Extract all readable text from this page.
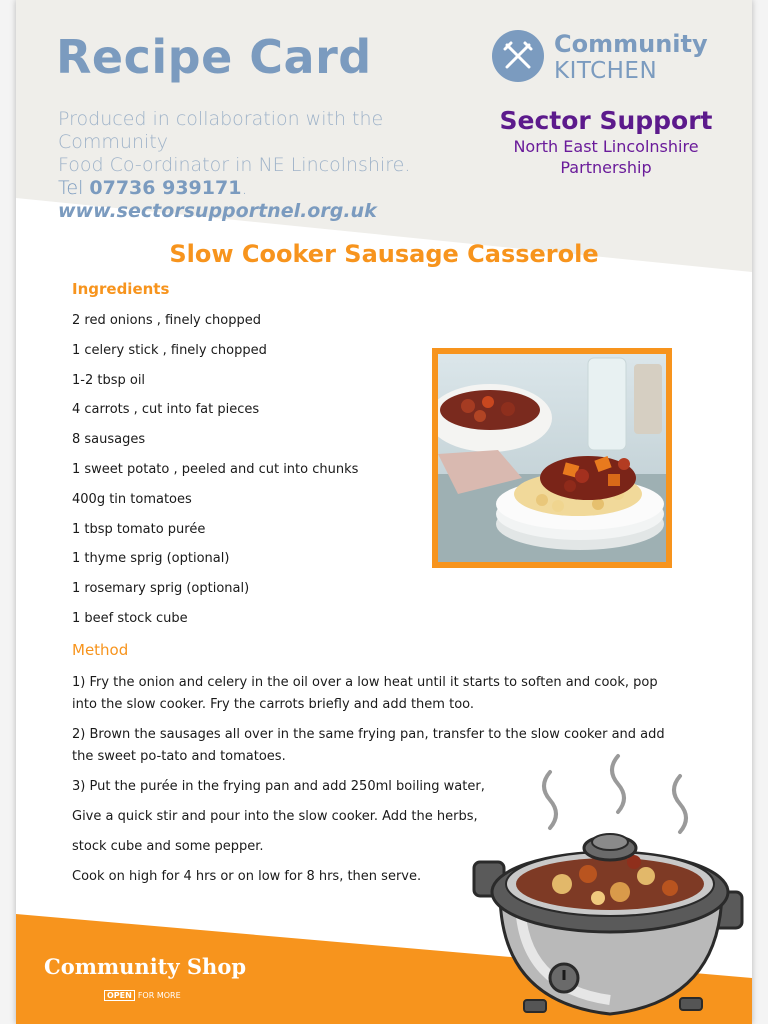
Recipe Card
Produced in collaboration with the Community
Food Co-ordinator in NE Lincolnshire.
Tel 07736 939171. www.sectorsupportnel.org.uk
Community
KITCHEN
Sector Support
North East Lincolnshire
Partnership
Slow Cooker Sausage Casserole
Ingredients
2 red onions , finely chopped
1 celery stick , finely chopped
1-2 tbsp oil
4 carrots , cut into fat pieces
8 sausages
1 sweet potato , peeled and cut into chunks
400g tin tomatoes
1 tbsp tomato purée
1 thyme sprig (optional)
1 rosemary sprig (optional)
1 beef stock cube
Method

1) Fry the onion and celery in the oil over a low heat until it starts to soften and cook, pop into the slow cooker. Fry the carrots briefly and add them too.

2) Brown the sausages all over in the same frying pan, transfer to the slow cooker and add the sweet po-tato and tomatoes.

3) Put the purée in the frying pan and add 250ml boiling water,

Give a quick stir and pour into the slow cooker. Add the herbs,

stock cube and some pepper.

Cook on high for 4 hrs or on low for 8 hrs, then serve.

Community Shop
OPEN FOR MORE
